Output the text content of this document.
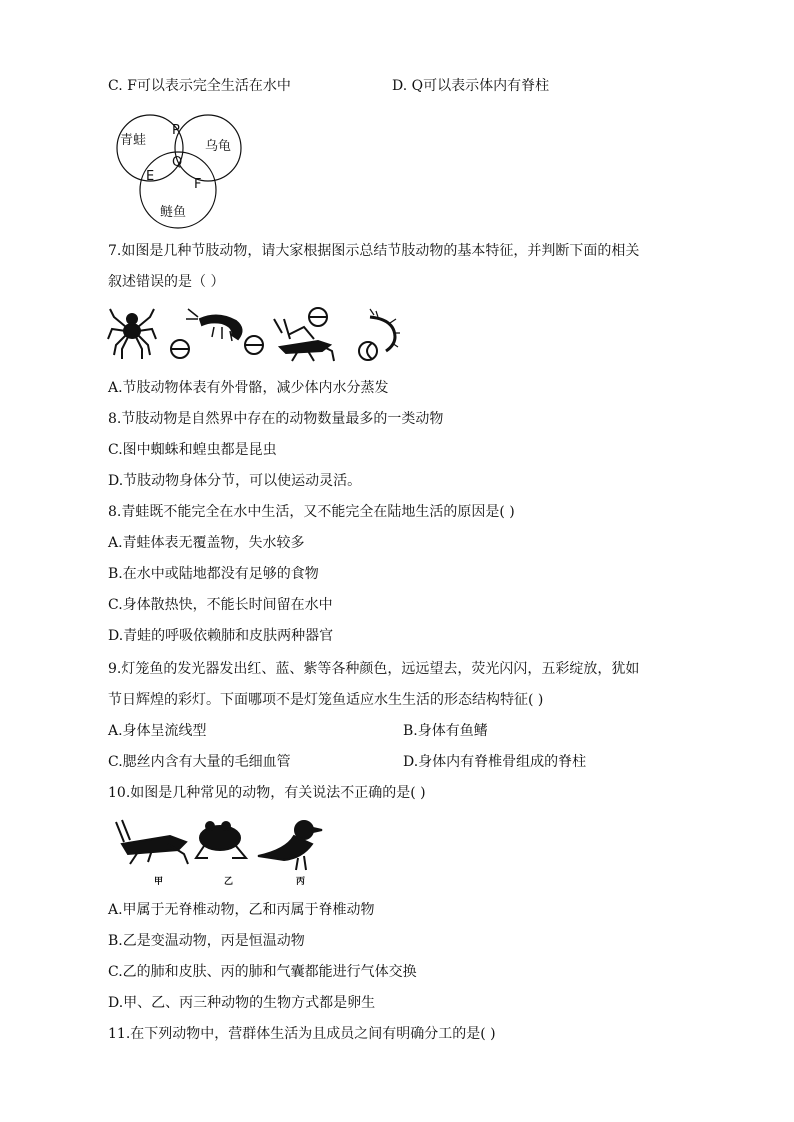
C. F可以表示完全生活在水中	D. Q可以表示体内有脊柱
青蛙	乌龟
鲢鱼
P
Q
E
F
7.如图是几种节肢动物，请大家根据图示总结节肢动物的基本特征，并判断下面的相关
叙述错误的是（ ）
A.节肢动物体表有外骨骼，减少体内水分蒸发
8.节肢动物是自然界中存在的动物数量最多的一类动物
C.图中蜘蛛和蝗虫都是昆虫
D.节肢动物身体分节，可以使运动灵活。
8.青蛙既不能完全在水中生活，又不能完全在陆地生活的原因是( )
A.青蛙体表无覆盖物，失水较多
B.在水中或陆地都没有足够的食物
C.身体散热快，不能长时间留在水中
D.青蛙的呼吸依赖肺和皮肤两种器官
9.灯笼鱼的发光器发出红、蓝、紫等各种颜色，远远望去，荧光闪闪，五彩绽放，犹如
节日辉煌的彩灯。下面哪项不是灯笼鱼适应水生生活的形态结构特征( )
A.身体呈流线型	B.身体有鱼鳍
C.腮丝内含有大量的毛细血管	D.身体内有脊椎骨组成的脊柱
10.如图是几种常见的动物，有关说法不正确的是( )
甲	乙	丙
A.甲属于无脊椎动物，乙和丙属于脊椎动物
B.乙是变温动物，丙是恒温动物
C.乙的肺和皮肤、丙的肺和气囊都能进行气体交换
D.甲、乙、丙三种动物的生物方式都是卵生
11.在下列动物中，营群体生活为且成员之间有明确分工的是( )
